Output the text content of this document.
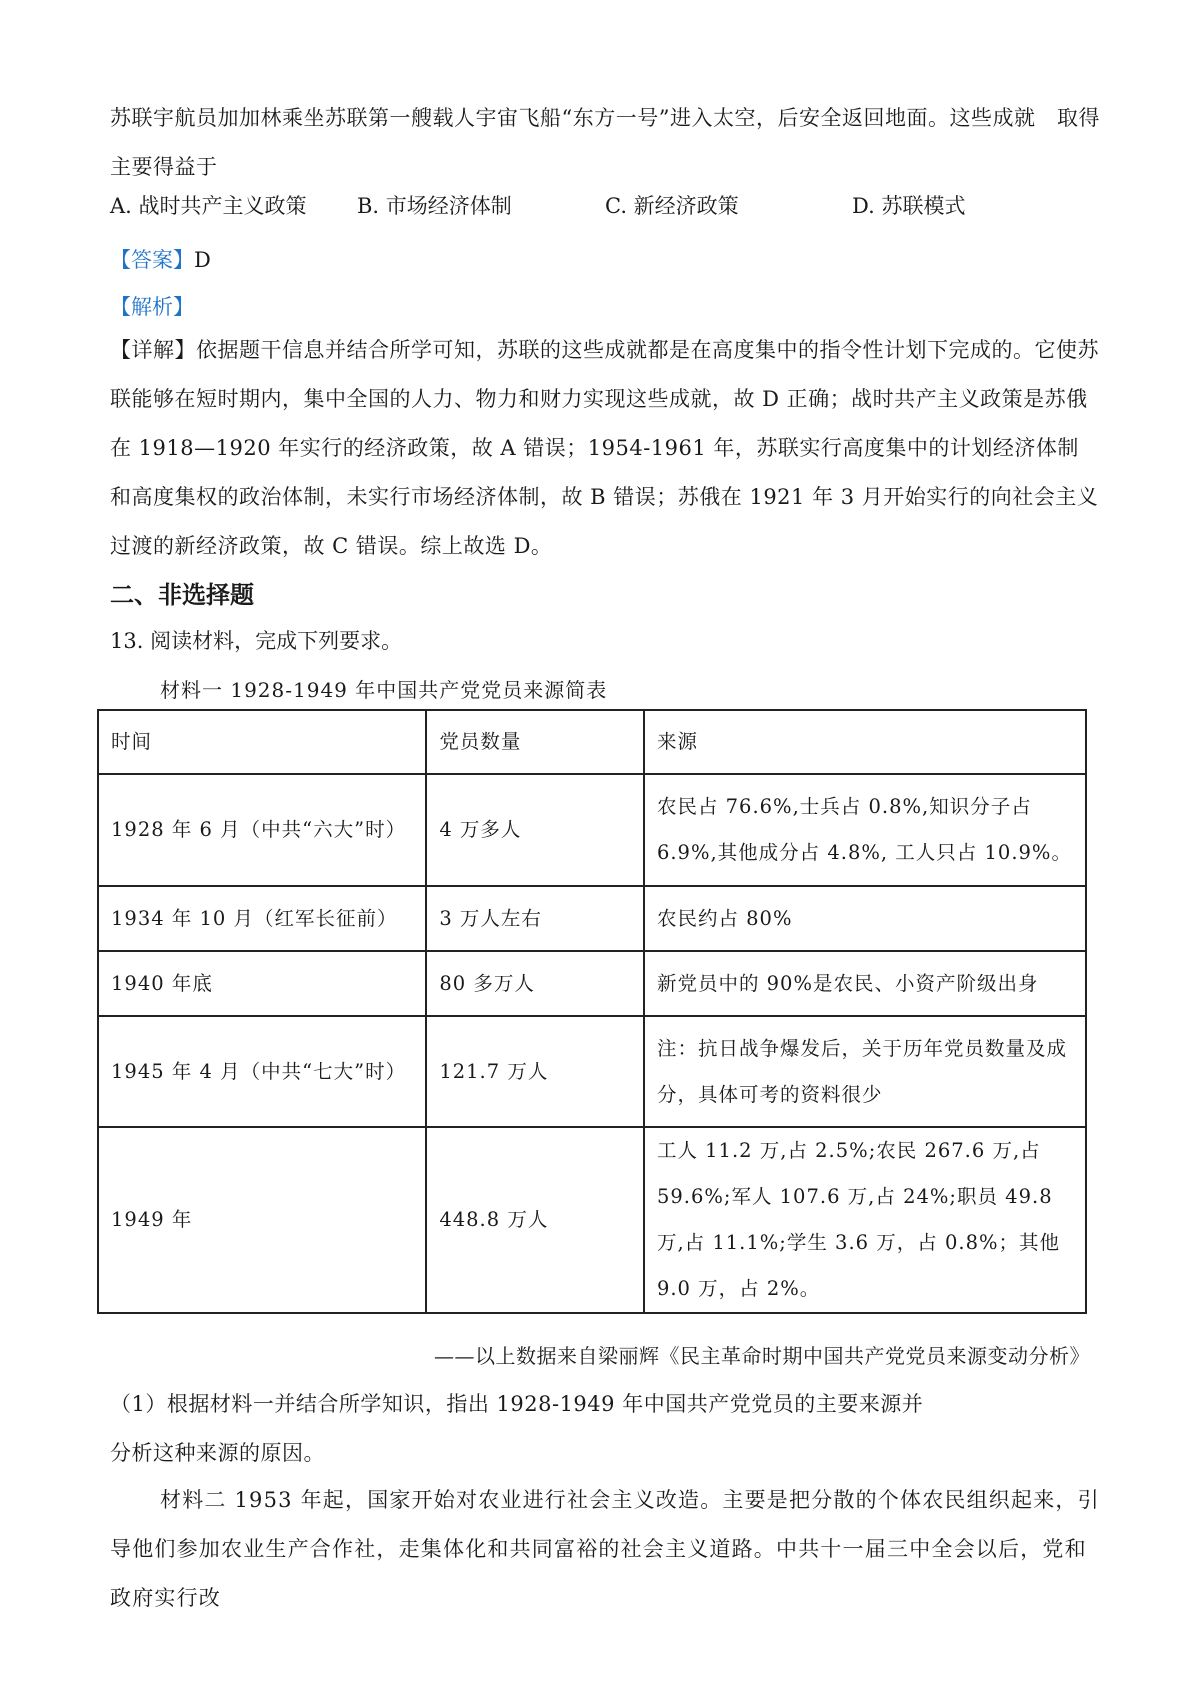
苏联宇航员加加林乘坐苏联第一艘载人宇宙飞船“东方一号”进入太空，后安全返回地面。这些成就　取得主要得益于
A. 战时共产主义政策 B. 市场经济体制	C. 新经济政策	D. 苏联模式
【答案】D
【解析】
【详解】依据题干信息并结合所学可知，苏联的这些成就都是在高度集中的指令性计划下完成的。它使苏联能够在短时期内，集中全国的人力、物力和财力实现这些成就，故 D 正确；战时共产主义政策是苏俄在 1918—1920 年实行的经济政策，故 A 错误；1954-1961 年，苏联实行高度集中的计划经济体制和高度集权的政治体制，未实行市场经济体制，故 B 错误；苏俄在 1921 年 3 月开始实行的向社会主义过渡的新经济政策，故 C 错误。综上故选 D。
二、非选择题
13. 阅读材料，完成下列要求。
材料一 1928-1949 年中国共产党党员来源简表
时间	党员数量	来源
1928 年 6 月（中共“六大”时）	4 万多人	农民占 76.6%,士兵占 0.8%,知识分子占 6.9%,其他成分占 4.8%, 工人只占 10.9%。
1934 年 10 月（红军长征前）	3 万人左右	农民约占 80%
1940 年底	80 多万人	新党员中的 90%是农民、小资产阶级出身
1945 年 4 月（中共“七大”时）	121.7 万人	注：抗日战争爆发后，关于历年党员数量及成分，具体可考的资料很少
1949 年	448.8 万人	工人 11.2 万,占 2.5%;农民 267.6 万,占 59.6%;军人 107.6 万,占 24%;职员 49.8 万,占 11.1%;学生 3.6 万，占 0.8%；其他 9.0 万，占 2%。
——以上数据来自梁丽辉《民主革命时期中国共产党党员来源变动分析》
（1）根据材料一并结合所学知识，指出 1928-1949 年中国共产党党员的主要来源并分析这种来源的原因。
材料二 1953 年起，国家开始对农业进行社会主义改造。主要是把分散的个体农民组织起来，引导他们参加农业生产合作社，走集体化和共同富裕的社会主义道路。中共十一届三中全会以后，党和政府实行改
